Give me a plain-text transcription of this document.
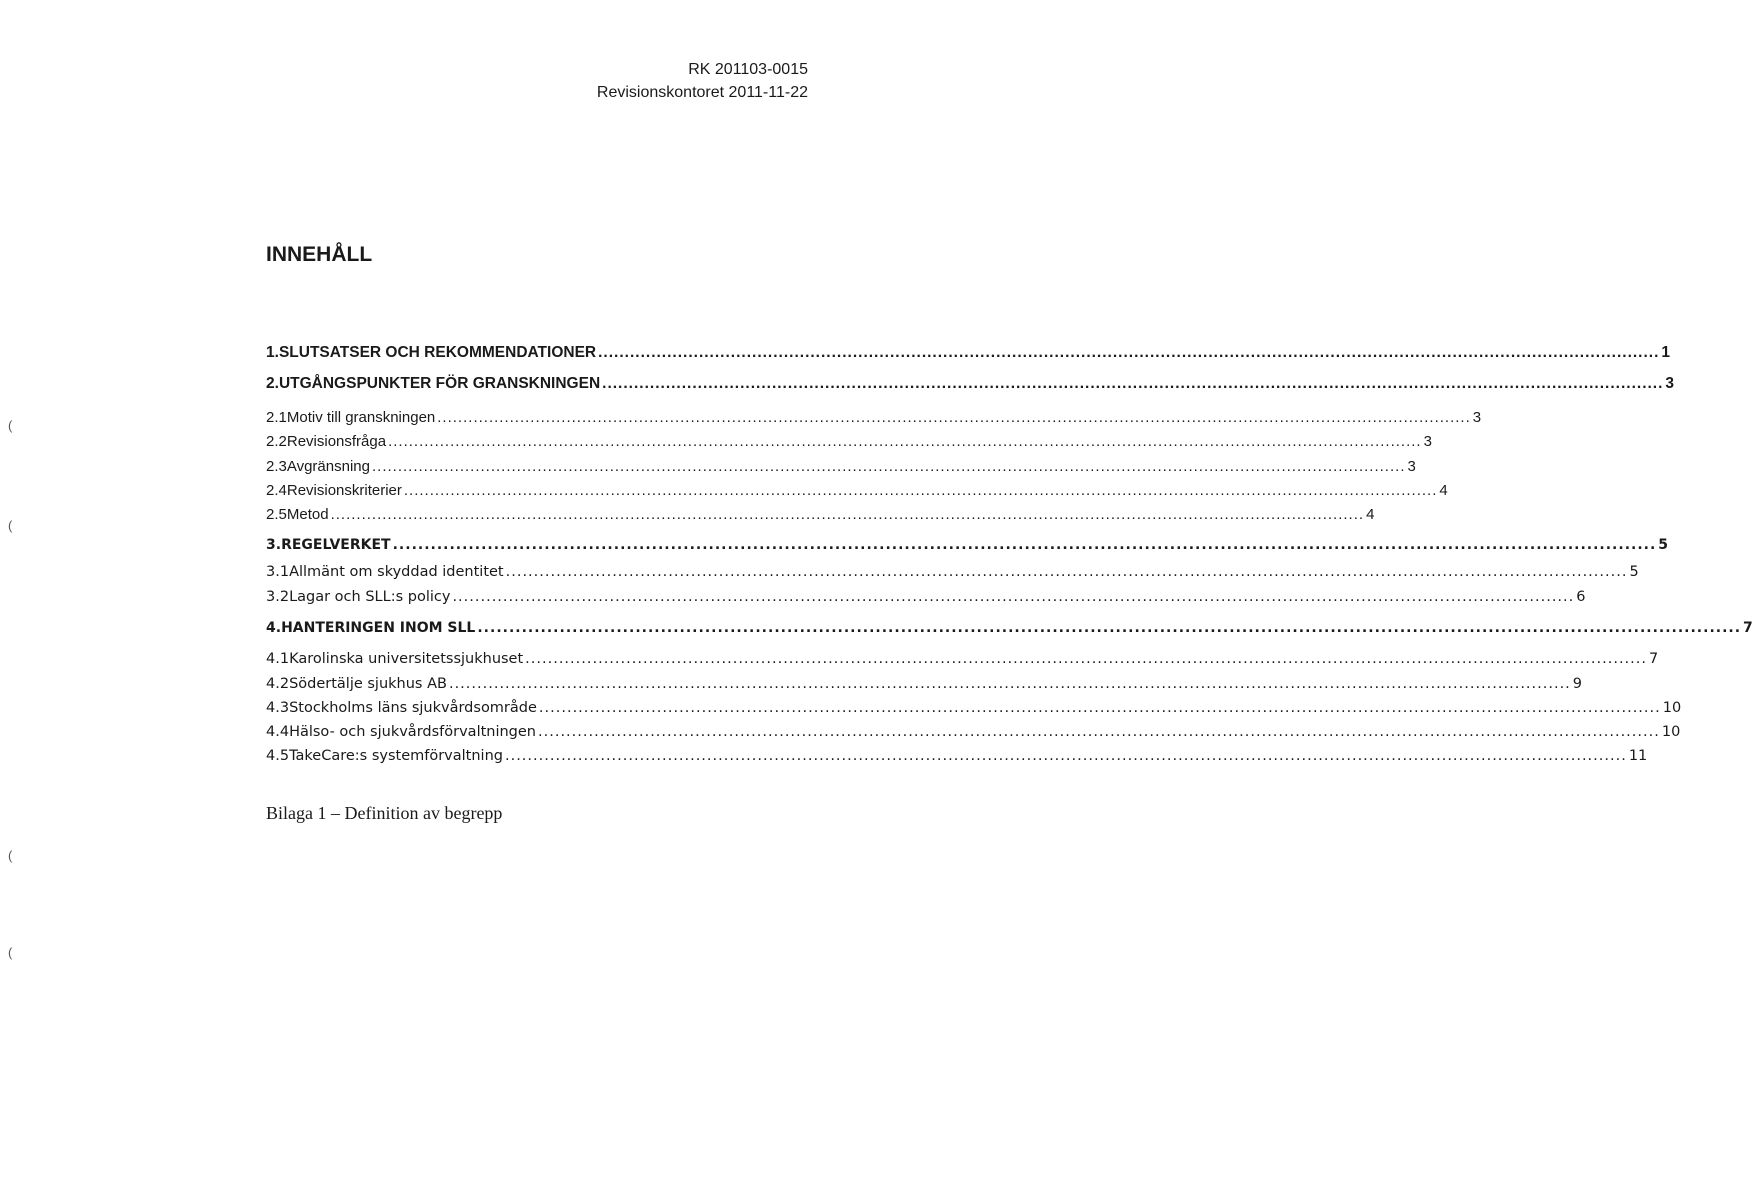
RK 201103-0015
Revisionskontoret 2011-11-22
INNEHÅLL
1. SLUTSATSER OCH REKOMMENDATIONER ........................................................................................................................................................................................................ 1
2. UTGÅNGSPUNKTER FÖR GRANSKNINGEN ........................................................................................................................................................................................................ 3
2.1 Motiv till granskningen ........................................................................................................................................................................................................ 3
2.2 Revisionsfråga ........................................................................................................................................................................................................ 3
2.3 Avgränsning ........................................................................................................................................................................................................ 3
2.4 Revisionskriterier ........................................................................................................................................................................................................ 4
2.5 Metod ........................................................................................................................................................................................................ 4
3. REGELVERKET ........................................................................................................................................................................................................ 5
3.1 Allmänt om skyddad identitet ........................................................................................................................................................................................................ 5
3.2 Lagar och SLL:s policy ........................................................................................................................................................................................................ 6
4. HANTERINGEN INOM SLL ........................................................................................................................................................................................................ 7
4.1 Karolinska universitetssjukhuset ........................................................................................................................................................................................................ 7
4.2 Södertälje sjukhus AB ........................................................................................................................................................................................................ 9
4.3 Stockholms läns sjukvårdsområde ........................................................................................................................................................................................................ 10
4.4 Hälso- och sjukvårdsförvaltningen ........................................................................................................................................................................................................ 10
4.5 TakeCare:s systemförvaltning ........................................................................................................................................................................................................ 11
Bilaga 1 – Definition av begrepp
(
(
(
(
